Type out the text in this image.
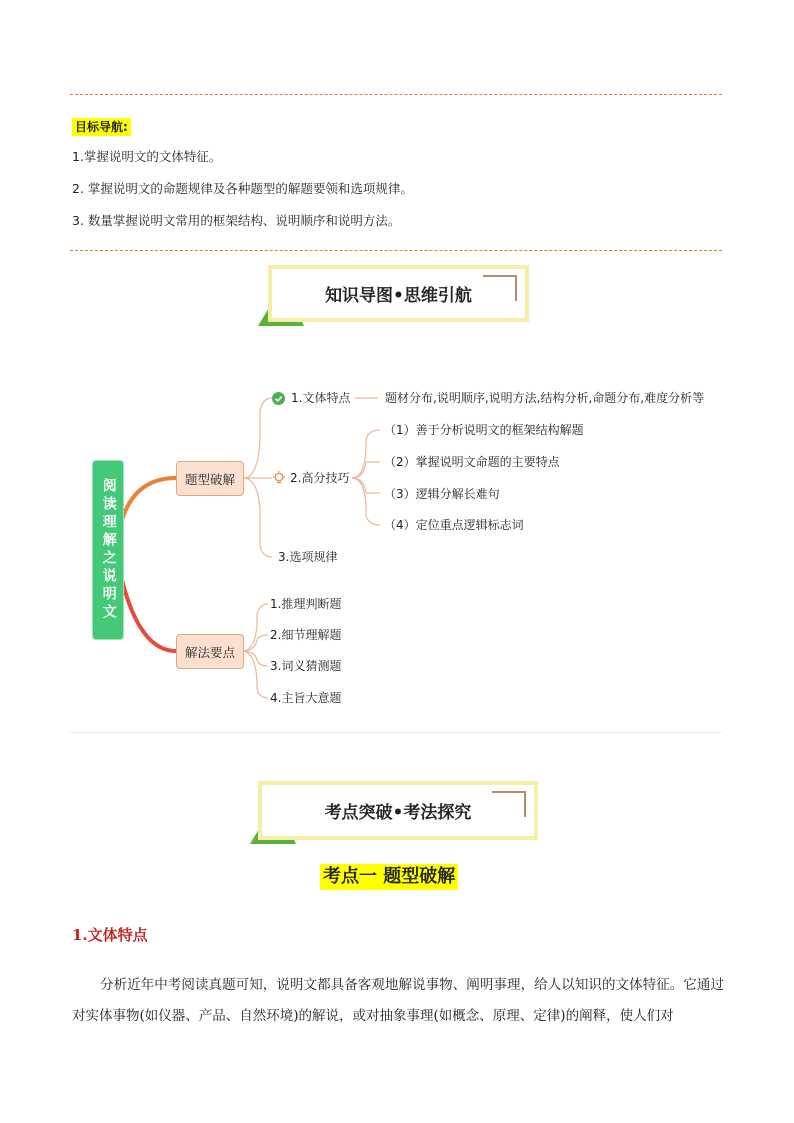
目标导航:
1.掌握说明文的文体特征。
2. 掌握说明文的命题规律及各种题型的解题要领和选项规律。
3. 数量掌握说明文常用的框架结构、说明顺序和说明方法。
知识导图•思维引航
阅读理解之说明文	题型破解
解法要点
1.文体特点	题材分布,说明顺序,说明方法,结构分析,命题分布,难度分析等
2.高分技巧
（1）善于分析说明文的框架结构解题
（2）掌握说明文命题的主要特点
（3）逻辑分解长难句
（4）定位重点逻辑标志词
3.选项规律
1.推理判断题
2.细节理解题
3.词义猜测题
4.主旨大意题
考点突破•考法探究
考点一 题型破解
1.文体特点
分析近年中考阅读真题可知，说明文都具备客观地解说事物、阐明事理，给人以知识的文体特征。它通过对实体事物(如仪器、产品、自然环境)的解说，或对抽象事理(如概念、原理、定律)的阐释，使人们对
